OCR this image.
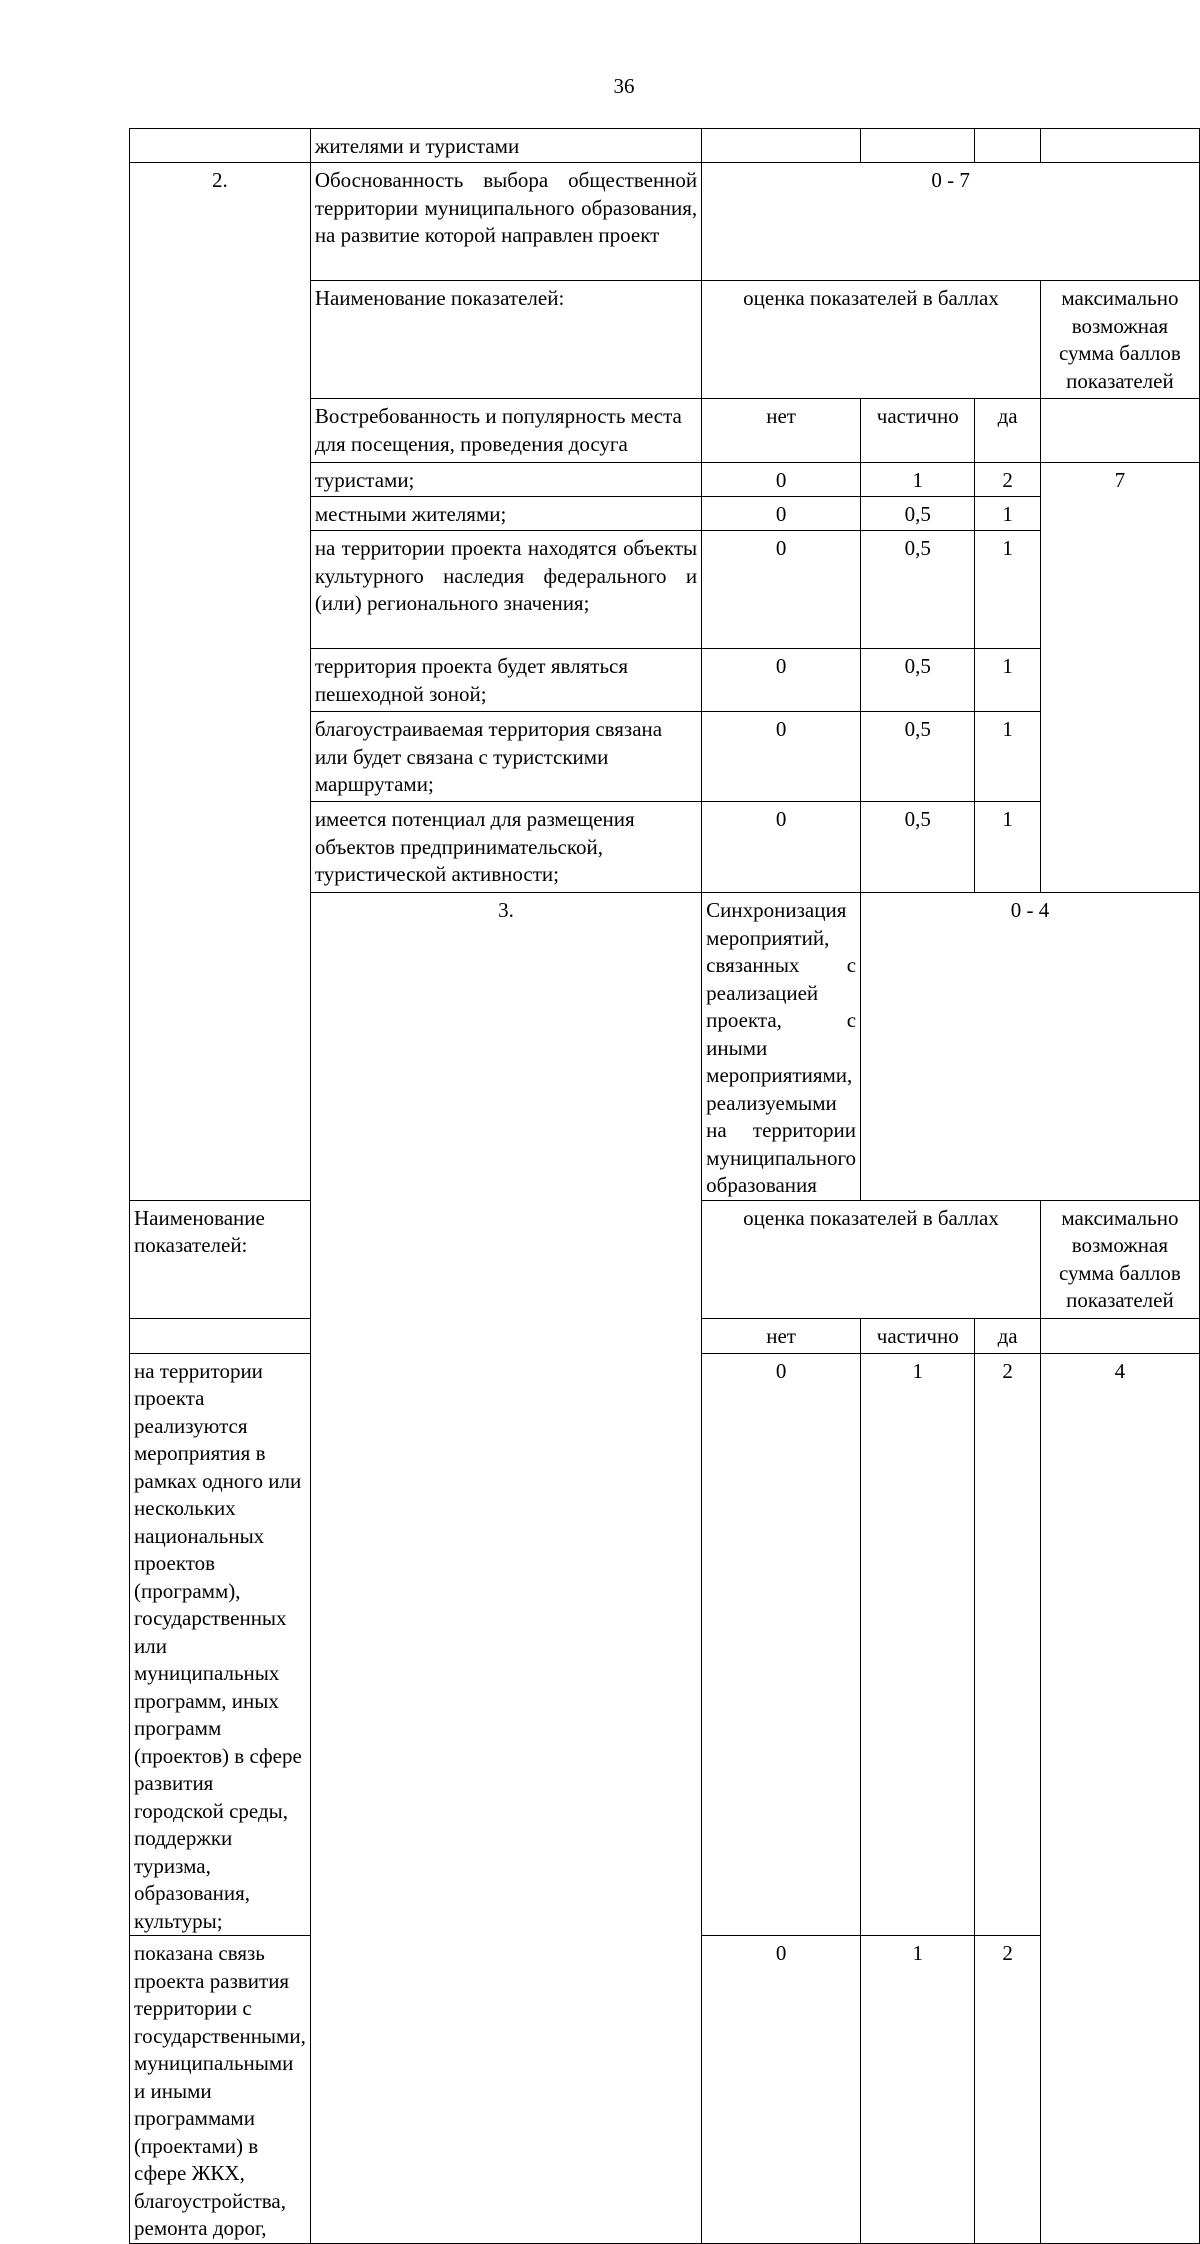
36
	жителями и туристами				
2.	Обоснованность выбора общественной территории муниципального образования, на развитие которой направлен проект	0 - 7			
	Наименование показателей:	оценка показателей в баллах			максимально возможная сумма баллов показателей
	Востребованность и популярность места для посещения, проведения досуга	нет	частично	да	
	туристами;	0	1	2	7
	местными жителями;	0	0,5	1	
	на территории проекта находятся объекты культурного наследия федерального и (или) регионального значения;	0	0,5	1	
	территория проекта будет являться пешеходной зоной;	0	0,5	1	
	благоустраиваемая территория связана или будет связана с туристскими маршрутами;	0	0,5	1	
	имеется потенциал для размещения объектов предпринимательской, туристической активности;	0	0,5	1	
	3.	Синхронизация мероприятий, связанных с реализацией проекта, с иными мероприятиями, реализуемыми на территории муниципального образования	0 - 4		
Наименование показателей:		оценка показателей в баллах			максимально возможная сумма баллов показателей
		нет	частично	да	
на территории проекта реализуются мероприятия в рамках одного или нескольких национальных проектов (программ), государственных или муниципальных программ, иных программ (проектов) в сфере развития городской среды, поддержки туризма, образования, культуры;		0	1	2	4
показана связь проекта развития территории с государственными, муниципальными и иными программами (проектами) в сфере ЖКХ, благоустройства, ремонта дорог,		0	1	2	
